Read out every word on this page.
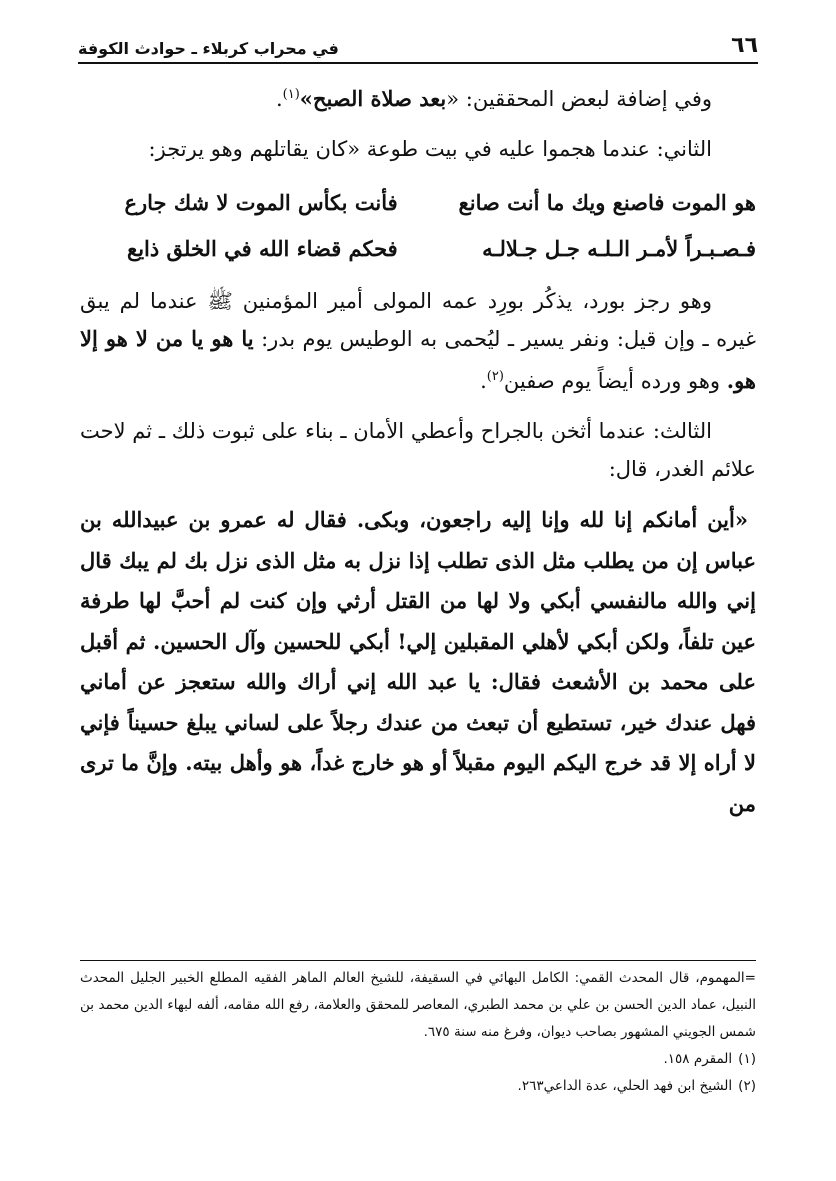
٦٦
في محراب كربلاء ـ حوادث الكوفة

وفي إضافة لبعض المحققين: «بعد صلاة الصبح»$^{(١)}$.

الثاني: عندما هجموا عليه في بيت طوعة «كان يقاتلهم وهو يرتجز:

هو الموت فاصنع ويك ما أنت صانع
فأنت بكأس الموت لا شك جارع
فـصـبـراً لأمـر الـلـه جـل جـلالـه
فحكم قضاء الله في الخلق ذايع

وهو رجز بورد، يذكُر بورِد عمه المولى أمير المؤمنين ﷺ عندما لم يبق غيره ـ وإن قيل: ونفر يسير ـ ليُحمى به الوطيس يوم بدر: يا هو يا من لا هو إلا هو. وهو ورده أيضاً يوم صفين$^{(٢)}$.

الثالث: عندما أثخن بالجراح وأعطي الأمان ـ بناء على ثبوت ذلك ـ ثم لاحت علائم الغدر، قال:

«أين أمانكم إنا لله وإنا إليه راجعون، وبكى. فقال له عمرو بن عبيدالله بن عباس إن من يطلب مثل الذى تطلب إذا نزل به مثل الذى نزل بك لم يبك قال إني والله مالنفسي أبكي ولا لها من القتل أرثي وإن كنت لم أحبَّ لها طرفة عين تلفاً، ولكن أبكي لأهلي المقبلين إلي! أبكي للحسين وآل الحسين. ثم أقبل على محمد بن الأشعث فقال: يا عبد الله إني أراك والله ستعجز عن أماني فهل عندك خير، تستطيع أن تبعث من عندك رجلاً على لساني يبلغ حسيناً فإني لا أراه إلا قد خرج اليكم اليوم مقبلاً أو هو خارج غداً، هو وأهل بيته. وإنَّ ما ترى من

=المهموم، قال المحدث القمي: الكامل البهائي في السقيفة، للشيخ العالم الماهر الفقيه المطلع الخبير الجليل المحدث النبيل، عماد الدين الحسن بن علي بن محمد الطبري، المعاصر للمحقق والعلامة، رفع الله مقامه، ألفه لبهاء الدين محمد بن شمس الجويني المشهور بصاحب ديوان، وفرغ منه سنة ٦٧٥.

(١)
المقرم ١٥٨.

(٢)
الشيخ ابن فهد الحلي، عدة الداعي٢٦٣.
